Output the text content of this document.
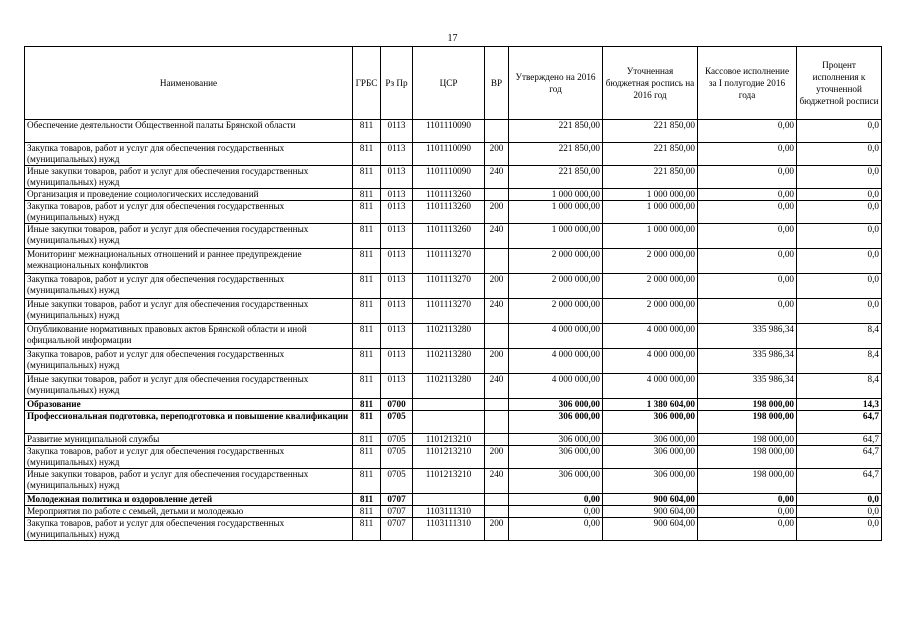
17
Наименование	ГРБС	Рз Пр	ЦСР	ВР	Утверждено на 2016 год	Уточненная бюджетная роспись на 2016 год	Кассовое исполнение за I полугодие 2016 года	Процент исполнения к уточненной бюджетной росписи
Обеспечение деятельности Общественной палаты Брянской области	811	0113	1101110090		221 850,00	221 850,00	0,00	0,0
Закупка товаров, работ и услуг для обеспечения государственных (муниципальных) нужд	811	0113	1101110090	200	221 850,00	221 850,00	0,00	0,0
Иные закупки товаров, работ и услуг для обеспечения государственных (муниципальных) нужд	811	0113	1101110090	240	221 850,00	221 850,00	0,00	0,0
Организация и проведение социологических исследований	811	0113	1101113260		1 000 000,00	1 000 000,00	0,00	0,0
Закупка товаров, работ и услуг для обеспечения государственных (муниципальных) нужд	811	0113	1101113260	200	1 000 000,00	1 000 000,00	0,00	0,0
Иные закупки товаров, работ и услуг для обеспечения государственных (муниципальных) нужд	811	0113	1101113260	240	1 000 000,00	1 000 000,00	0,00	0,0
Мониторинг межнациональных отношений и раннее предупреждение межнациональных конфликтов	811	0113	1101113270		2 000 000,00	2 000 000,00	0,00	0,0
Закупка товаров, работ и услуг для обеспечения государственных (муниципальных) нужд	811	0113	1101113270	200	2 000 000,00	2 000 000,00	0,00	0,0
Иные закупки товаров, работ и услуг для обеспечения государственных (муниципальных) нужд	811	0113	1101113270	240	2 000 000,00	2 000 000,00	0,00	0,0
Опубликование нормативных правовых актов Брянской области и иной официальной информации	811	0113	1102113280		4 000 000,00	4 000 000,00	335 986,34	8,4
Закупка товаров, работ и услуг для обеспечения государственных (муниципальных) нужд	811	0113	1102113280	200	4 000 000,00	4 000 000,00	335 986,34	8,4
Иные закупки товаров, работ и услуг для обеспечения государственных (муниципальных) нужд	811	0113	1102113280	240	4 000 000,00	4 000 000,00	335 986,34	8,4
Образование	811	0700			306 000,00	1 380 604,00	198 000,00	14,3
Профессиональная подготовка, переподготовка и повышение квалификации	811	0705			306 000,00	306 000,00	198 000,00	64,7
Развитие муниципальной службы	811	0705	1101213210		306 000,00	306 000,00	198 000,00	64,7
Закупка товаров, работ и услуг для обеспечения государственных (муниципальных) нужд	811	0705	1101213210	200	306 000,00	306 000,00	198 000,00	64,7
Иные закупки товаров, работ и услуг для обеспечения государственных (муниципальных) нужд	811	0705	1101213210	240	306 000,00	306 000,00	198 000,00	64,7
Молодежная политика и оздоровление детей	811	0707			0,00	900 604,00	0,00	0,0
Мероприятия по работе с семьей, детьми и молодежью	811	0707	1103111310		0,00	900 604,00	0,00	0,0
Закупка товаров, работ и услуг для обеспечения государственных (муниципальных) нужд	811	0707	1103111310	200	0,00	900 604,00	0,00	0,0
